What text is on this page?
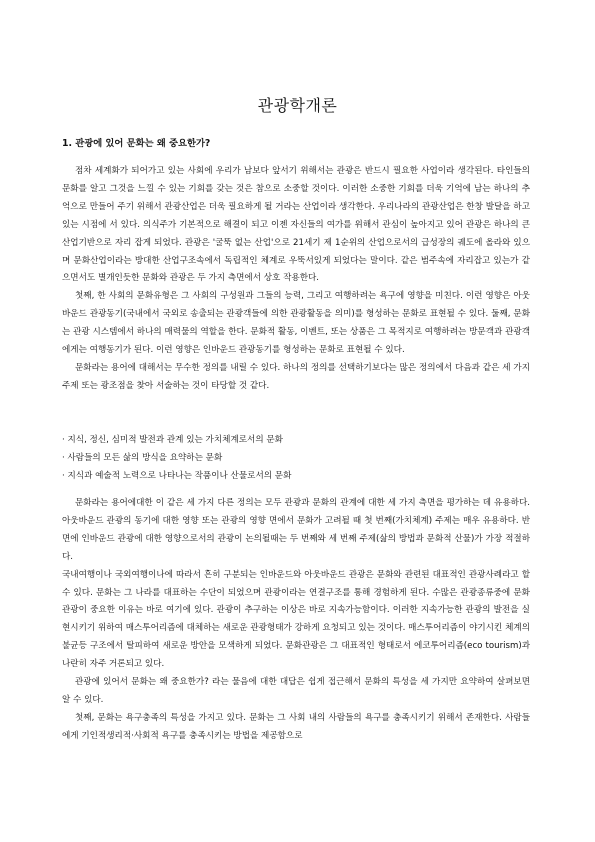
관광학개론
1. 관광에 있어 문화는 왜 중요한가?

점차 세계화가 되어가고 있는 사회에 우리가 남보다 앞서기 위해서는 관광은 반드시 필요한 사업이라 생각된다. 타인들의 문화를 알고 그것을 느낄 수 있는 기회를 갖는 것은 참으로 소중할 것이다. 이러한 소중한 기회를 더욱 기억에 남는 하나의 추억으로 만들어 주기 위해서 관광산업은 더욱 필요하게 될 거라는 산업이라 생각한다. 우리나라의 관광산업은 한창 발달을 하고 있는 시점에 서 있다. 의식주가 기본적으로 해결이 되고 이젠 자신들의 여가를 위해서 관심이 높아지고 있어 관광은 하나의 큰 산업기반으로 자리 잡게 되었다. 관광은 '굴뚝 없는 산업'으로 21세기 제 1순위의 산업으로서의 급성장의 궤도에 올라와 있으며 문화산업이라는 방대한 산업구조속에서 독립적인 체계로 우뚝서있게 되었다는 말이다. 같은 범주속에 자리잡고 있는가 같으면서도 별개인듯한 문화와 관광은 두 가지 측면에서 상호 작용한다.

첫째, 한 사회의 문화유형은 그 사회의 구성원과 그들의 능력, 그리고 여행하려는 욕구에 영향을 미친다. 이런 영향은 아웃바운드 관광동기(국내에서 국외로 송출되는 관광객들에 의한 관광활동을 의미)를 형성하는 문화로 표현될 수 있다. 둘째, 문화는 관광 시스템에서 하나의 매력물의 역할을 한다. 문화적 활동, 이벤트, 또는 상품은 그 목적지로 여행하려는 방문객과 관광객에게는 여행동기가 된다. 이런 영향은 인바운드 관광동기를 형성하는 문화로 표현될 수 있다.

문화라는 용어에 대해서는 무수한 정의를 내릴 수 있다. 하나의 정의를 선택하기보다는 많은 정의에서 다음과 같은 세 가지 주제 또는 광조점을 찾아 서술하는 것이 타당할 것 같다.

· 지식, 정신, 심미적 발전과 관계 있는 가치체계로서의 문화
· 사람들의 모든 삶의 방식을 요약하는 문화
· 지식과 예술적 노력으로 나타나는 작품이나 산물로서의 문화

문화라는 용어에대한 이 같은 세 가지 다른 정의는 모두 관광과 문화의 관계에 대한 세 가지 측면을 평가하는 데 유용하다. 아웃바운드 관광의 동기에 대한 영향 또는 관광의 영향 면에서 문화가 고려될 때 첫 번째(가치체계) 주제는 매우 유용하다. 반면에 인바운드 관광에 대한 영향으로서의 관광이 논의될때는 두 번째와 세 번째 주제(삶의 방법과 문화적 산물)가 가장 적절하다.

국내여행이나 국외여행이나에 따라서 흔히 구분되는 인바운드와 아웃바운드 관광은 문화와 관련된 대표적인 관광사례라고 할 수 있다. 문화는 그 나라를 대표하는 수단이 되었으며 관광이라는 연결구조를 통해 경험하게 된다. 수많은 관광종류중에 문화관광이 중요한 이유는 바로 여기에 있다. 관광이 추구하는 이상은 바로 지속가능함이다. 이러한 지속가능한 관광의 발전을 실현시키기 위하여 매스투어리즘에 대체하는 새로운 관광형태가 강하게 요청되고 있는 것이다. 매스투어리즘이 야기시킨 체계의 불균등 구조에서 탈피하여 새로운 방안을 모색하게 되었다. 문화관광은 그 대표적인 형태로서 에코투어리즘(eco tourism)과 나란히 자주 거론되고 있다.

관광에 있어서 문화는 왜 중요한가? 라는 물음에 대한 대답은 쉽게 접근해서 문화의 특성을 세 가지만 요약하여 살펴보면 알 수 있다.

첫째, 문화는 욕구충족의 특성을 가지고 있다. 문화는 그 사회 내의 사람들의 욕구를 충족시키기 위해서 존재한다. 사람들에게 기인적생리적·사회적 욕구를 충족시키는 방법을 제공함으로
